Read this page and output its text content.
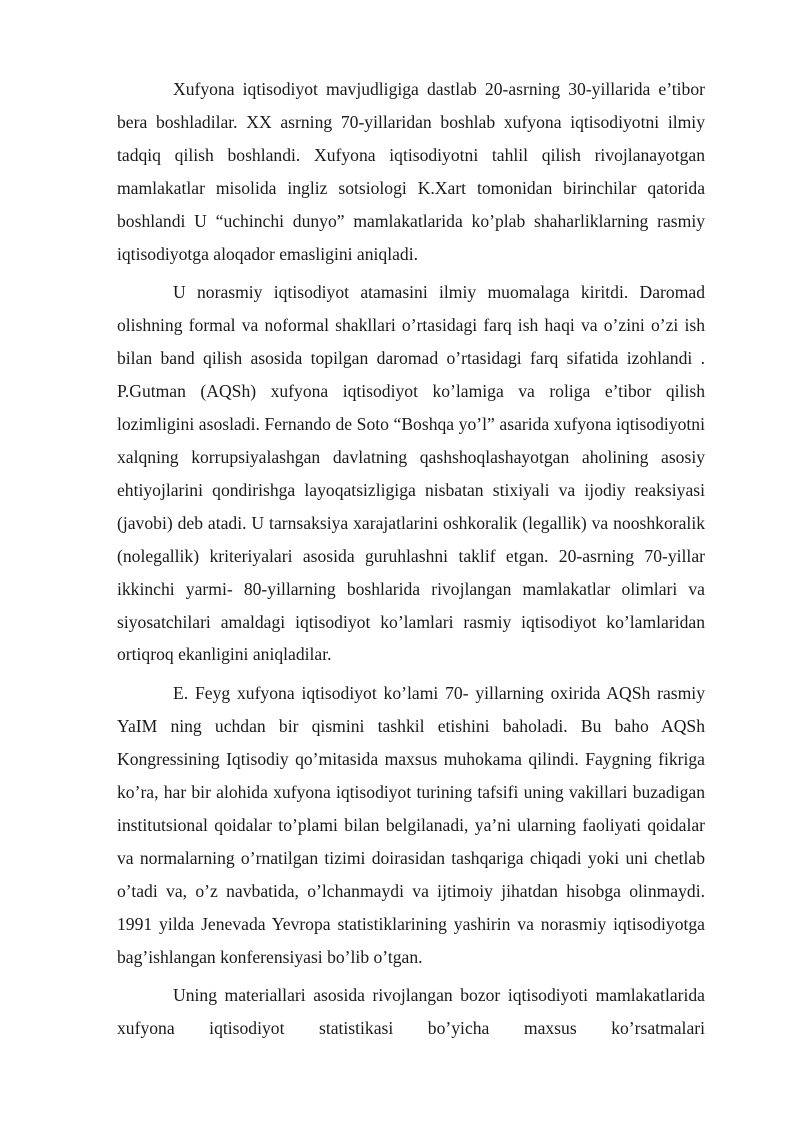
Xufyona iqtisodiyot mavjudligiga dastlab 20-asrning 30-yillarida e’tibor bera boshladilar. XX asrning 70-yillaridan boshlab xufyona iqtisodiyotni ilmiy tadqiq qilish boshlandi. Xufyona iqtisodiyotni tahlil qilish rivojlanayotgan mamlakatlar misolida ingliz sotsiologi K.Xart tomonidan birinchilar qatorida boshlandi U “uchinchi dunyo” mamlakatlarida ko’plab shaharliklarning rasmiy iqtisodiyotga aloqador emasligini aniqladi.

U norasmiy iqtisodiyot atamasini ilmiy muomalaga kiritdi. Daromad olishning formal va noformal shakllari o’rtasidagi farq ish haqi va o’zini o’zi ish bilan band qilish asosida topilgan daromad o’rtasidagi farq sifatida izohlandi . P.Gutman (AQSh) xufyona iqtisodiyot ko’lamiga va roliga e’tibor qilish lozimligini asosladi. Fernando de Soto “Boshqa yo’l” asarida xufyona iqtisodiyotni xalqning korrupsiyalashgan davlatning qashshoqlashayotgan aholining asosiy ehtiyojlarini qondirishga layoqatsizligiga nisbatan stixiyali va ijodiy reaksiyasi (javobi) deb atadi. U tarnsaksiya xarajatlarini oshkoralik (legallik) va nooshkoralik (nolegallik) kriteriyalari asosida guruhlashni taklif etgan. 20-asrning 70-yillar ikkinchi yarmi- 80-yillarning boshlarida rivojlangan mamlakatlar olimlari va siyosatchilari amaldagi iqtisodiyot ko’lamlari rasmiy iqtisodiyot ko’lamlaridan ortiqroq ekanligini aniqladilar.

E. Feyg xufyona iqtisodiyot ko’lami 70- yillarning oxirida AQSh rasmiy YaIM ning uchdan bir qismini tashkil etishini baholadi. Bu baho AQSh Kongressining Iqtisodiy qo’mitasida maxsus muhokama qilindi. Faygning fikriga ko’ra, har bir alohida xufyona iqtisodiyot turining tafsifi uning vakillari buzadigan institutsional qoidalar to’plami bilan belgilanadi, ya’ni ularning faoliyati qoidalar va normalarning o’rnatilgan tizimi doirasidan tashqariga chiqadi yoki uni chetlab o’tadi va, o’z navbatida, o’lchanmaydi va ijtimoiy jihatdan hisobga olinmaydi. 1991 yilda Jenevada Yevropa statistiklarining yashirin va norasmiy iqtisodiyotga bag’ishlangan konferensiyasi bo’lib o’tgan.

Uning materiallari asosida rivojlangan bozor iqtisodiyoti mamlakatlarida xufyona iqtisodiyot statistikasi bo’yicha maxsus ko’rsatmalari
